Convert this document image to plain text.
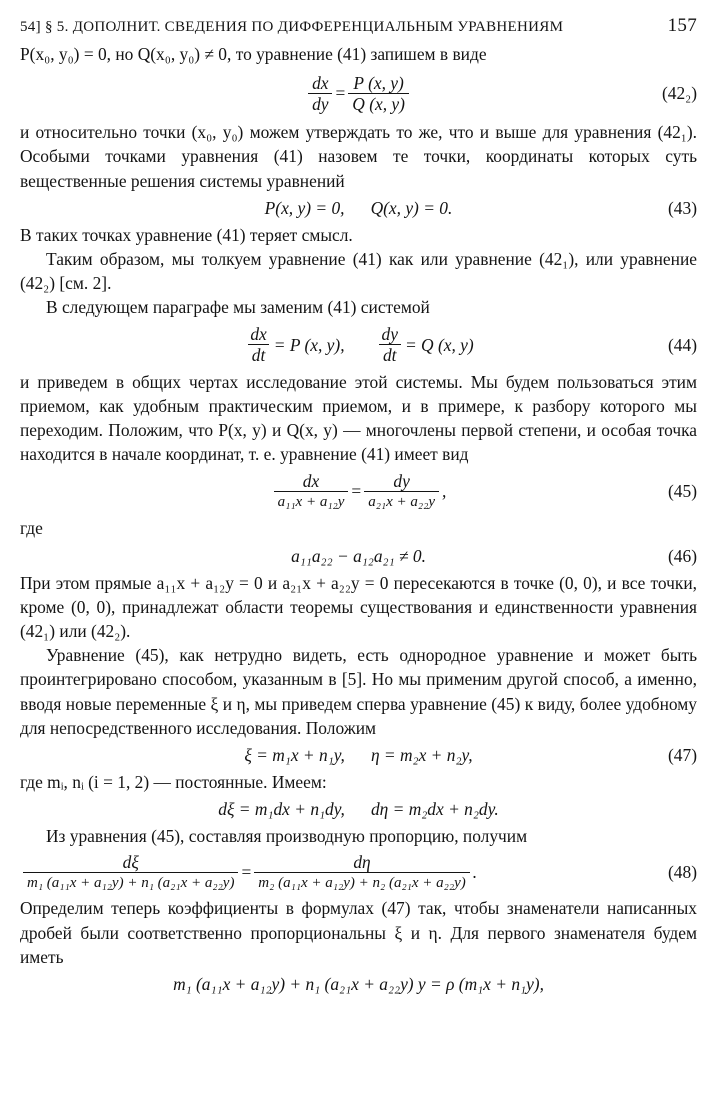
54] § 5. ДОПОЛНИТ. СВЕДЕНИЯ ПО ДИФФЕРЕНЦИАЛЬНЫМ УРАВНЕНИЯМ	157

P(x₀, y₀) = 0, но Q(x₀, y₀) ≠ 0, то уравнение (41) запишем в виде

$\frac{dx}{dy} = \frac{P (x, y)}{Q (x, y)}$	(42₂)

и относительно точки (x₀, y₀) можем утверждать то же, что и выше для уравнения (42₁). Особыми точками уравнения (41) назовем те точки, координаты которых суть вещественные решения системы уравнений

P(x, y) = 0,      Q(x, y) = 0.	(43)

В таких точках уравнение (41) теряет смысл.

Таким образом, мы толкуем уравнение (41) как или уравнение (42₁), или уравнение (42₂) [см. 2].

В следующем параграфе мы заменим (41) системой

$\frac{dx}{dt} = P$ (x, y), $\frac{dy}{dt} = Q$ (x, y)	(44)

и приведем в общих чертах исследование этой системы. Мы будем пользоваться этим приемом, как удобным практическим приемом, и в примере, к разбору которого мы переходим. Положим, что P(x, y) и Q(x, y) — многочлены первой степени, и особая точка находится в начале координат, т. е. уравнение (41) имеет вид

$\frac{dx}{\text{a₁₁x + a₁₂y}} = \frac{dy}{\text{a₂₁x + a₂₂y}}$ ,	(45)

где

a₁₁a₂₂ − a₁₂a₂₁ ≠ 0.	(46)

При этом прямые a₁₁x + a₁₂y = 0 и a₂₁x + a₂₂y = 0 пересекаются в точке (0, 0), и все точки, кроме (0, 0), принадлежат области теоремы существования и единственности уравнения (42₁) или (42₂).

Уравнение (45), как нетрудно видеть, есть однородное уравнение и может быть проинтегрировано способом, указанным в [5]. Но мы применим другой способ, а именно, вводя новые переменные ξ и η, мы приведем сперва уравнение (45) к виду, более удобному для непосредственного исследования. Положим

ξ = m₁x + n₁y,      η = m₂x + n₂y,	(47)

где mᵢ, nᵢ (i = 1, 2) — постоянные. Имеем:

dξ = m₁dx + n₁dy,      dη = m₂dx + n₂dy.

Из уравнения (45), составляя производную пропорцию, получим

$\frac{d\xi}{\text{m₁ (a₁₁x + a₁₂y) + n₁ (a₂₁x + a₂₂y)}} = \frac{d\eta}{\text{m₂ (a₁₁x + a₁₂y) + n₂ (a₂₁x + a₂₂y)}}$ .	(48)

Определим теперь коэффициенты в формулах (47) так, чтобы знаменатели написанных дробей были соответственно пропорциональны ξ и η. Для первого знаменателя будем иметь

m₁ (a₁₁x + a₁₂y) + n₁ (a₂₁x + a₂₂y) y = ρ (m₁x + n₁y),
